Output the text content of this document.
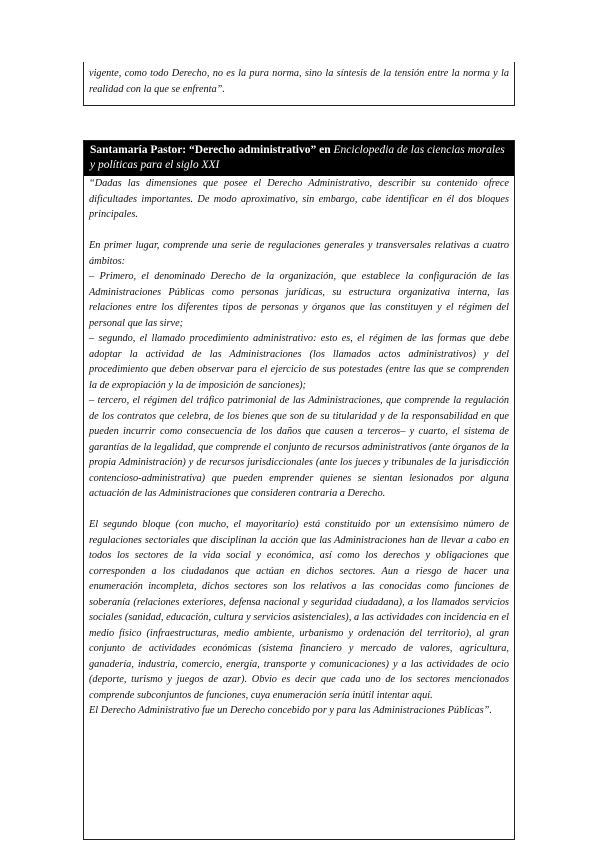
vigente, como todo Derecho, no es la pura norma, sino la síntesis de la tensión entre la norma y la realidad con la que se enfrenta”.

Santamaría Pastor: “Derecho administrativo” en Enciclopedia de las ciencias morales y políticas para el siglo XXI

“Dadas las dimensiones que posee el Derecho Administrativo, describir su contenido ofrece dificultades importantes. De modo aproximativo, sin embargo, cabe identificar en él dos bloques principales.

En primer lugar, comprende una serie de regulaciones generales y transversales relativas a cuatro ámbitos:

– Primero, el denominado Derecho de la organización, que establece la configuración de las Administraciones Públicas como personas jurídicas, su estructura organizativa interna, las relaciones entre los diferentes tipos de personas y órganos que las constituyen y el régimen del personal que las sirve;

– segundo, el llamado procedimiento administrativo: esto es, el régimen de las formas que debe adoptar la actividad de las Administraciones (los llamados actos administrativos) y del procedimiento que deben observar para el ejercicio de sus potestades (entre las que se comprenden la de expropiación y la de imposición de sanciones);

– tercero, el régimen del tráfico patrimonial de las Administraciones, que comprende la regulación de los contratos que celebra, de los bienes que son de su titularidad y de la responsabilidad en que pueden incurrir como consecuencia de los daños que causen a terceros– y cuarto, el sistema de garantías de la legalidad, que comprende el conjunto de recursos administrativos (ante órganos de la propia Administración) y de recursos jurisdiccionales (ante los jueces y tribunales de la jurisdicción contencioso-administrativa) que pueden emprender quienes se sientan lesionados por alguna actuación de las Administraciones que consideren contraria a Derecho.

El segundo bloque (con mucho, el mayoritario) está constituido por un extensísimo número de regulaciones sectoriales que disciplinan la acción que las Administraciones han de llevar a cabo en todos los sectores de la vida social y económica, así como los derechos y obligaciones que corresponden a los ciudadanos que actúan en dichos sectores. Aun a riesgo de hacer una enumeración incompleta, dichos sectores son los relativos a las conocidas como funciones de soberanía (relaciones exteriores, defensa nacional y seguridad ciudadana), a los llamados servicios sociales (sanidad, educación, cultura y servicios asistenciales), a las actividades con incidencia en el medio físico (infraestructuras, medio ambiente, urbanismo y ordenación del territorio), al gran conjunto de actividades económicas (sistema financiero y mercado de valores, agricultura, ganadería, industria, comercio, energía, transporte y comunicaciones) y a las actividades de ocio (deporte, turismo y juegos de azar). Obvio es decir que cada uno de los sectores mencionados comprende subconjuntos de funciones, cuya enumeración sería inútil intentar aquí.

El Derecho Administrativo fue un Derecho concebido por y para las Administraciones Públicas”.
